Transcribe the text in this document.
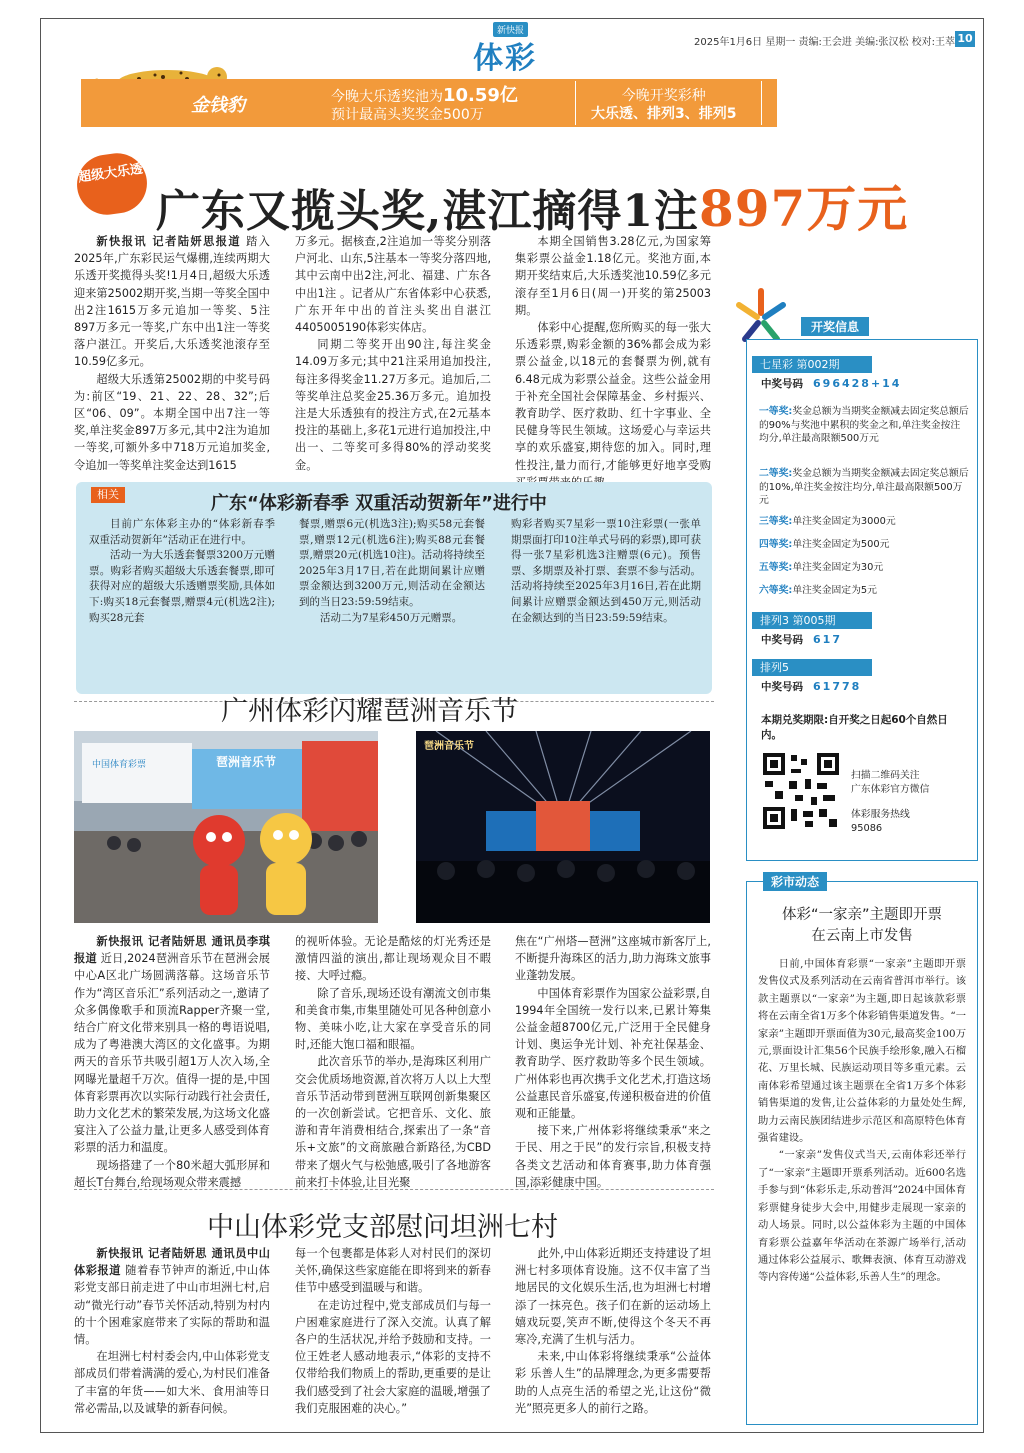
新快报
体彩	2025年1月6日 星期一 责编:王会进 美编:张汉松 校对:王萃 10
金钱豹	今晚大乐透奖池为10.59亿
预计最高头奖奖金500万
今晚开奖彩种
大乐透、排列3、排列5
中国体育彩票中心官方网站
www.lottery.gov.cn
广东省体育彩票中心官方网站
www.gdlottery.cn
超级大乐透
广东又揽头奖,湛江摘得1注897万元
新快报讯 记者陆妍思报道 踏入2025年,广东彩民运气爆棚,连续两期大乐透开奖揽得头奖!1月4日,超级大乐透迎来第25002期开奖,当期一等奖全国中出2注1615万多元追加一等奖、5注897万多元一等奖,广东中出1注一等奖落户湛江。开奖后,大乐透奖池滚存至10.59亿多元。
超级大乐透第25002期的中奖号码为:前区“19、21、22、28、32”;后区“06、09”。本期全国中出7注一等奖,单注奖金897万多元,其中2注为追加一等奖,可额外多中718万元追加奖金,令追加一等奖单注奖金达到1615
万多元。据核查,2注追加一等奖分别落户河北、山东,5注基本一等奖分落四地,其中云南中出2注,河北、福建、广东各中出1注 。记者从广东省体彩中心获悉,广东开年中出的首注头奖出自湛江4405005190体彩实体店。
同期二等奖开出90注,每注奖金14.09万多元;其中21注采用追加投注,每注多得奖金11.27万多元。追加后,二等奖单注总奖金25.36万多元。追加投注是大乐透独有的投注方式,在2元基本投注的基础上,多花1元进行追加投注,中出一、二等奖可多得80%的浮动奖奖金。
本期全国销售3.28亿元,为国家筹集彩票公益金1.18亿元。奖池方面,本期开奖结束后,大乐透奖池10.59亿多元滚存至1月6日(周一)开奖的第25003期。
体彩中心提醒,您所购买的每一张大乐透彩票,购彩金额的36%都会成为彩票公益金,以18元的套餐票为例,就有6.48元成为彩票公益金。这些公益金用于补充全国社会保障基金、乡村振兴、教育助学、医疗救助、红十字事业、全民健身等民生领域。这场爱心与幸运共享的欢乐盛宴,期待您的加入。同时,理性投注,量力而行,才能够更好地享受购
相关	广东“体彩新春季 双重活动贺新年”进行中
目前广东体彩主办的“体彩新春季 双重活动贺新年”活动正在进行中。
活动一为大乐透套餐票3200万元赠票。购彩者购买超级大乐透套餐票,即可获得对应的超级大乐透赠票奖励,具体如下:购买18元套餐票,赠票4元(机选2注);购买28元套
餐票,赠票6元(机选3注);购买58元套餐票,赠票12元(机选6注);购买88元套餐票,赠票20元(机选10注)。活动将持续至2025年3月17日,若在此期间累计应赠票金额达到3200万元,则活动在金额达到的当日23:59:59结束。
活动二为7星彩450万元赠票。
购彩者购买7星彩一票10注彩票(一张单期票面打印10注单式号码的彩票),即可获得一张7星彩机选3注赠票(6元)。预售票、多期票及补打票、套票不参与活动。活动将持续至2025年3月16日,若在此期间累计应赠票金额达到450万元,则活动在金额达到的当日23:59:59结束。
广州体彩闪耀琶洲音乐节
琶洲音乐节
中国体育彩票
琶洲音乐节
新快报讯 记者陆妍思 通讯员李琪报道 近日,2024琶洲音乐节在琶洲会展中心A区北广场圆满落幕。这场音乐节作为“湾区音乐汇”系列活动之一,邀请了众多偶像歌手和顶流Rapper齐聚一堂,结合广府文化带来别具一格的粤语说唱,成为了粤港澳大湾区的文化盛事。为期两天的音乐节共吸引超1万人次入场,全网曝光量超千万次。值得一提的是,中国体育彩票再次以实际行动践行社会责任,助力文化艺术的繁荣发展,为这场文化盛宴注入了公益力量,让更多人感受到体育彩票的活力和温度。
现场搭建了一个80米超大弧形屏和超长T台舞台,给现场观众带来震撼
的视听体验。无论是酷炫的灯光秀还是激情四溢的演出,都让现场观众目不暇接、大呼过瘾。
除了音乐,现场还设有潮流文创市集和美食市集,市集里随处可见各种创意小物、美味小吃,让大家在享受音乐的同时,还能大饱口福和眼福。
此次音乐节的举办,是海珠区利用广交会优质场地资源,首次将万人以上大型音乐节活动带到琶洲互联网创新集聚区的一次创新尝试。它把音乐、文化、旅游和青年消费相结合,探索出了一条“音乐+文旅”的文商旅融合新路径,为CBD带来了烟火气与松弛感,吸引了各地游客前来打卡体验,让目光聚
焦在“广州塔—琶洲”这座城市新客厅上,不断提升海珠区的活力,助力海珠文旅事业蓬勃发展。
中国体育彩票作为国家公益彩票,自1994年全国统一发行以来,已累计筹集公益金超8700亿元,广泛用于全民健身计划、奥运争光计划、补充社保基金、教育助学、医疗救助等多个民生领域。广州体彩也再次携手文化艺术,打造这场公益惠民音乐盛宴,传递积极奋进的价值观和正能量。
接下来,广州体彩将继续秉承“来之于民、用之于民”的发行宗旨,积极支持各类文艺活动和体育赛事,助力体育强国,添彩健康中国。
中山体彩党支部慰问坦洲七村
新快报讯 记者陆妍思 通讯员中山体彩报道 随着春节钟声的渐近,中山体彩党支部日前走进了中山市坦洲七村,启动“微光行动”春节关怀活动,特别为村内的十个困难家庭带来了实际的帮助和温情。
在坦洲七村村委会内,中山体彩党支部成员们带着满满的爱心,为村民们准备了丰富的年货——如大米、食用油等日常必需品,以及诚挚的新春问候。
每一个包裹都是体彩人对村民们的深切关怀,确保这些家庭能在即将到来的新春佳节中感受到温暖与和谐。
在走访过程中,党支部成员们与每一户困难家庭进行了深入交流。认真了解各户的生活状况,并给予鼓励和支持。一位王姓老人感动地表示,“体彩的支持不仅带给我们物质上的帮助,更重要的是让我们感受到了社会大家庭的温暖,增强了我们克服困难的决心。”
此外,中山体彩近期还支持建设了坦洲七村多项体育设施。这不仅丰富了当地居民的文化娱乐生活,也为坦洲七村增添了一抹亮色。孩子们在新的运动场上嬉戏玩耍,笑声不断,使得这个冬天不再寒冷,充满了生机与活力。
未来,中山体彩将继续秉承“公益体彩 乐善人生”的品牌理念,为更多需要帮助的人点亮生活的希望之光,让这份“微光”照亮更多人的前行之路。
开奖信息
七星彩 第002期
中奖号码 696428+14
一等奖:奖金总额为当期奖金额减去固定奖总额后的90%与奖池中累积的奖金之和,单注奖金按注均分,单注最高限额500万元
二等奖:奖金总额为当期奖金额减去固定奖总额后的10%,单注奖金按注均分,单注最高限额500万元
三等奖:单注奖金固定为3000元
四等奖:单注奖金固定为500元
五等奖:单注奖金固定为30元
六等奖:单注奖金固定为5元
排列3 第005期
中奖号码 617
排列5
中奖号码 61778
本期兑奖期限:自开奖之日起60个自然日内。
扫描二维码关注
广东体彩官方微信
体彩服务热线
95086
彩市动态
体彩“一家亲”主题即开票
在云南上市发售
日前,中国体育彩票“一家亲”主题即开票发售仪式及系列活动在云南省普洱市举行。该款主题票以“一家亲”为主题,即日起该款彩票将在云南全省1万多个体彩销售渠道发售。“一家亲”主题即开票面值为30元,最高奖金100万元,票面设计汇集56个民族手绘形象,融入石榴花、万里长城、民族运动项目等多重元素。云南体彩希望通过该主题票在全省1万多个体彩销售渠道的发售,让公益体彩的力量处处生辉,助力云南民族团结进步示范区和高原特色体育强省建设。
“一家亲”发售仪式当天,云南体彩还举行了“一家亲”主题即开票系列活动。近600名选手参与到“体彩乐走,乐动普洱”2024中国体育彩票健身徒步大会中,用健步走展现一家亲的动人场景。同时,以公益体彩为主题的中国体育彩票公益嘉年华活动在茶源广场举行,活动通过体彩公益展示、歌舞表演、体育互动游戏等内容传递“公益体彩,乐善人生”的理念。
